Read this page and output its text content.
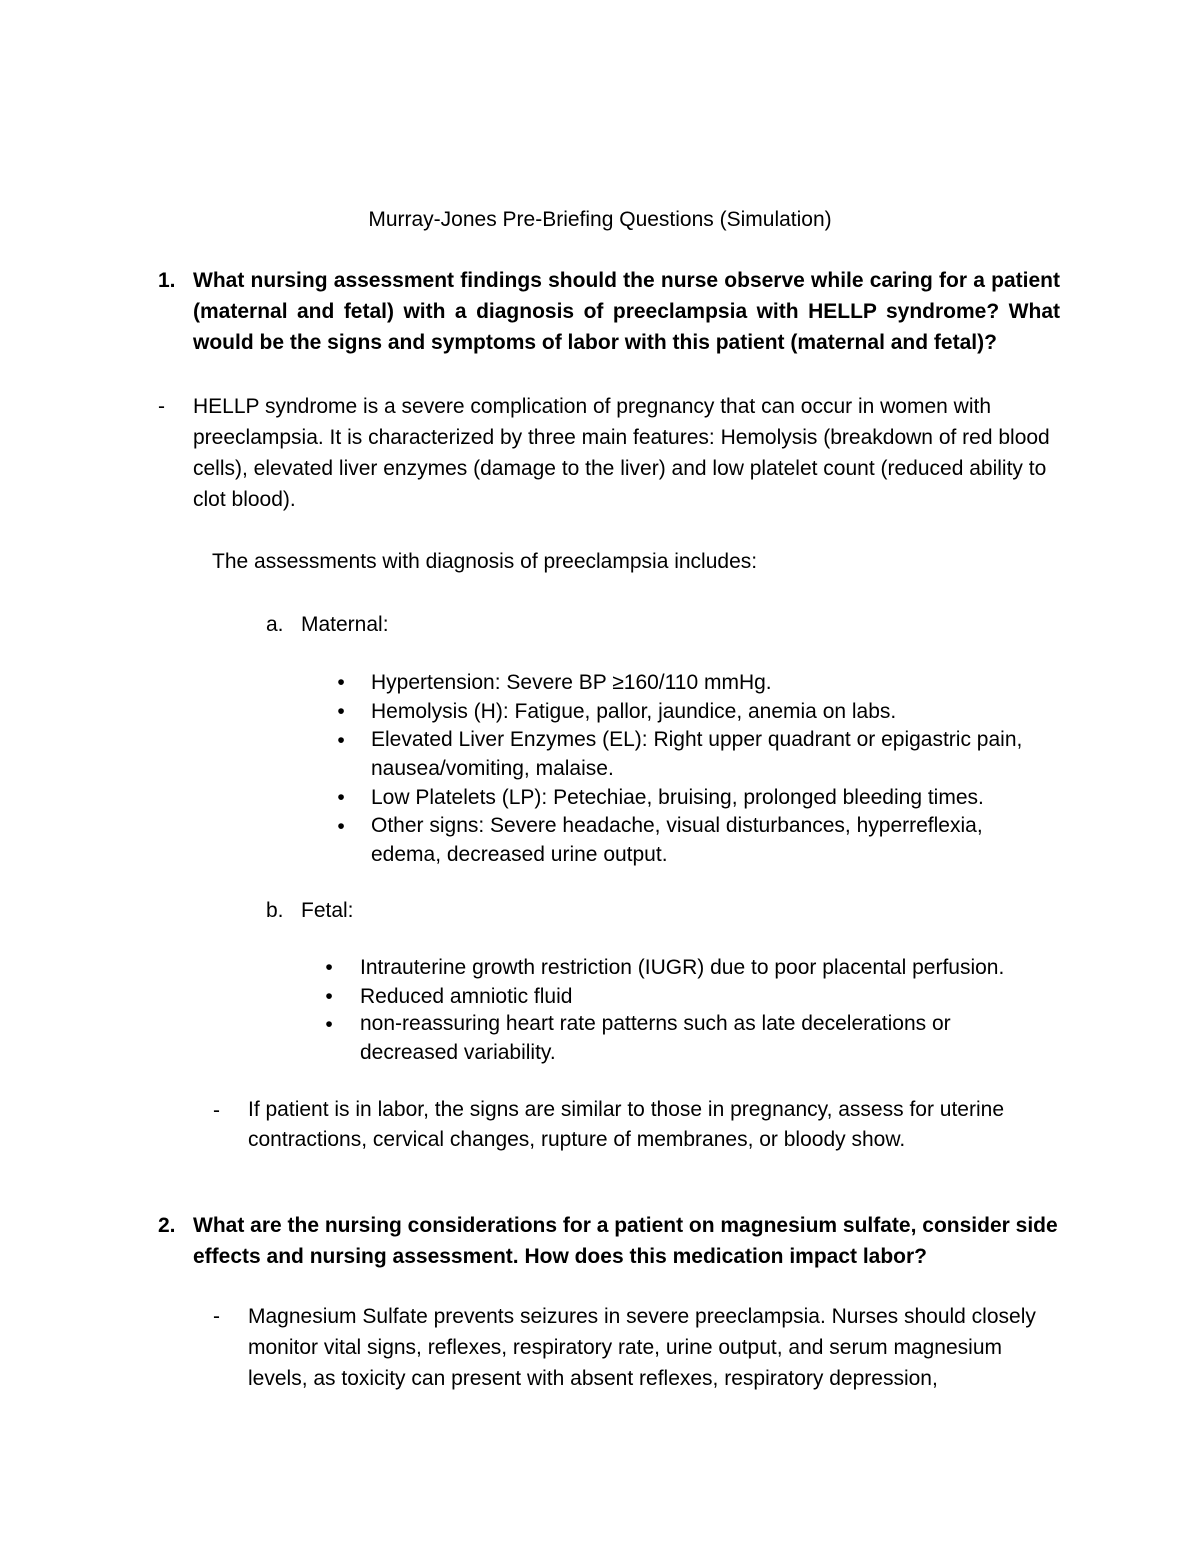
Murray-Jones Pre-Briefing Questions (Simulation)

1. What nursing assessment findings should the nurse observe while caring for a patient (maternal and fetal) with a diagnosis of preeclampsia with HELLP syndrome? What would be the signs and symptoms of labor with this patient (maternal and fetal)?

-	HELLP syndrome is a severe complication of pregnancy that can occur in women with preeclampsia. It is characterized by three main features: Hemolysis (breakdown of red blood cells), elevated liver enzymes (damage to the liver) and low platelet count (reduced ability to clot blood).

The assessments with diagnosis of preeclampsia includes:

a. Maternal:
• Hypertension: Severe BP ≥160/110 mmHg.

• Hemolysis (H): Fatigue, pallor, jaundice, anemia on labs.

• Elevated Liver Enzymes (EL): Right upper quadrant or epigastric pain, nausea/vomiting, malaise.

• Low Platelets (LP): Petechiae, bruising, prolonged bleeding times.

• Other signs: Severe headache, visual disturbances, hyperreflexia, edema, decreased urine output.

b. Fetal:
• Intrauterine growth restriction (IUGR) due to poor placental perfusion.

• Reduced amniotic fluid

• non-reassuring heart rate patterns such as late decelerations or decreased variability.

-	If patient is in labor, the signs are similar to those in pregnancy, assess for uterine contractions, cervical changes, rupture of membranes, or bloody show.

2. What are the nursing considerations for a patient on magnesium sulfate, consider side effects and nursing assessment. How does this medication impact labor?

-	Magnesium Sulfate prevents seizures in severe preeclampsia. Nurses should closely monitor vital signs, reflexes, respiratory rate, urine output, and serum magnesium levels, as toxicity can present with absent reflexes, respiratory depression,
